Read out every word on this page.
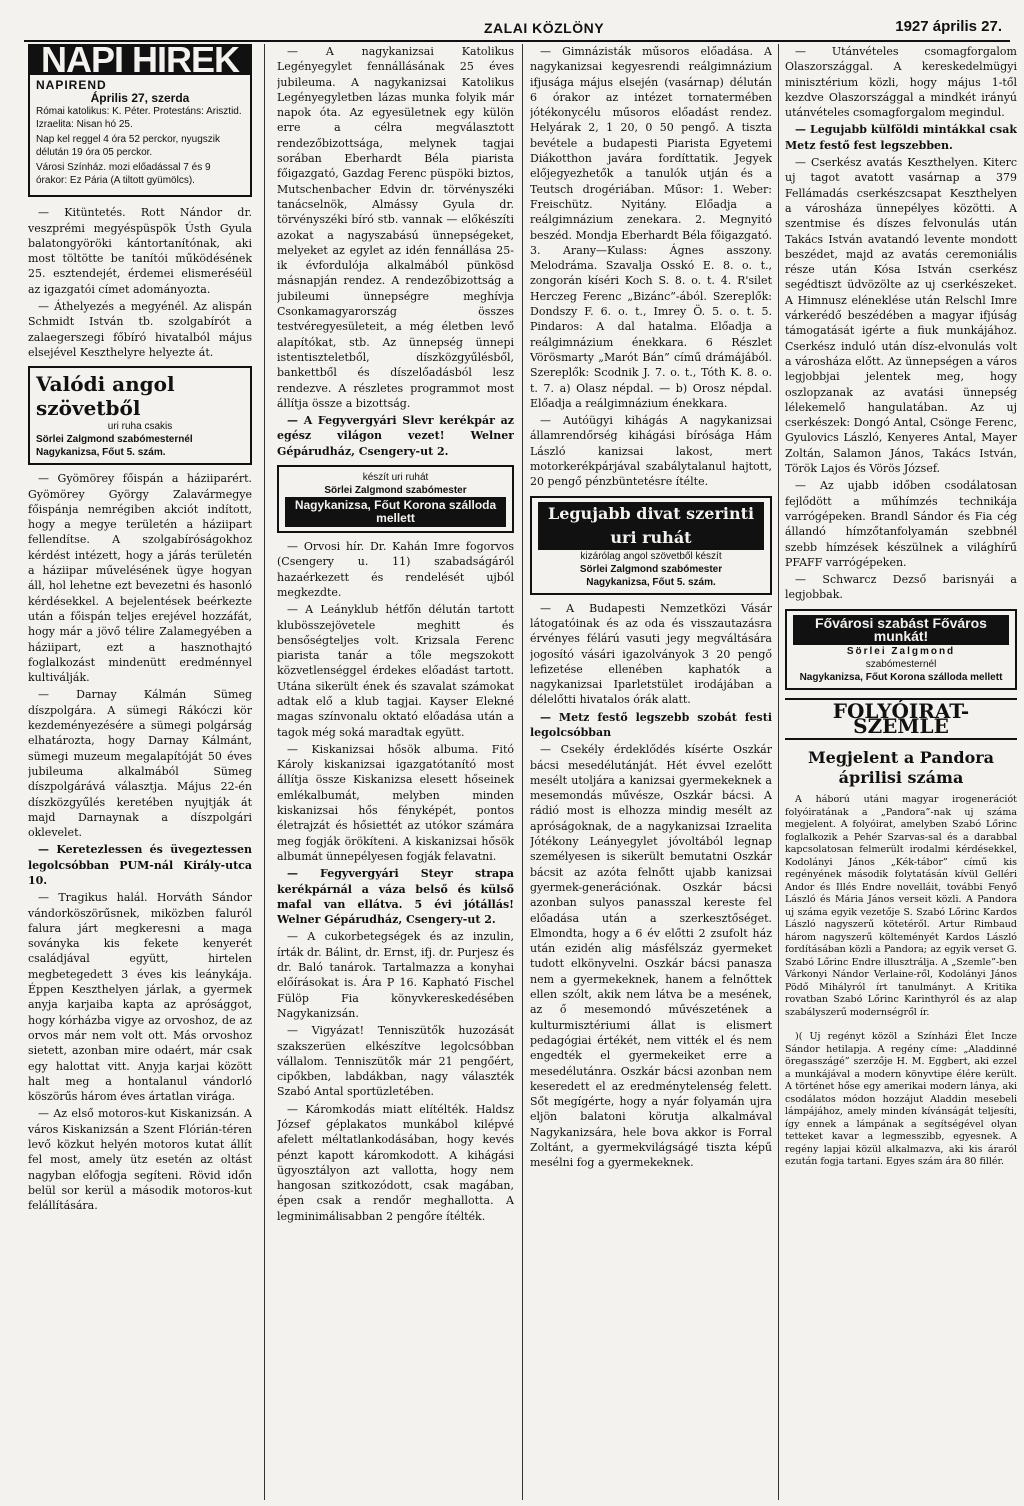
ZALAI KÖZLÖNY	1927 április 27.
NAPI HIREK
NAPIREND
Április 27, szerda

Római katolikus: K. Péter. Protestáns: Arisztid. Izraelita: Nisan hó 25.

Nap kel reggel 4 óra 52 perckor, nyugszik délután 19 óra 05 perckor.

Városi Színház. mozi előadással 7 és 9 órakor: Ez Pária (A tiltott gyümölcs).

— Kitüntetés. Rott Nándor dr. veszprémi megyéspüspök Ústh Gyula balatongyöröki kántortanítónak, aki most töltötte be tanítói működésének 25. esztendejét, érdemei elismeréséül az igazgatói címet adományozta.

— Áthelyezés a megyénél. Az alispán Schmidt István tb. szolgabírót a zalaegerszegi főbíró hivatalból május elsejével Keszthelyre helyezte át.

Valódi angol szövetből
uri ruha csakis
Sörlei Zalgmond szabómesternél
Nagykanizsa, Főut 5. szám.

— Gyömörey főispán a háziiparért. Gyömörey György Zalavármegye főispánja nemrégiben akciót indított, hogy a megye területén a háziipart fellendítse. A szolgabíróságokhoz kérdést intézett, hogy a járás területén a háziipar művelésének ügye hogyan áll, hol lehetne ezt bevezetni és hasonló kérdésekkel. A bejelentések beérkezte után a főispán teljes erejével hozzáfát, hogy már a jövő télire Zalamegyében a háziipart, ezt a hasznothajtó foglalkozást mindenütt eredménnyel kultiválják.

— Darnay Kálmán Sümeg díszpolgára. A sümegi Rákóczi kör kezdeményezésére a sümegi polgárság elhatározta, hogy Darnay Kálmánt, sümegi muzeum megalapítóját 50 éves jubileuma alkalmából Sümeg díszpolgárává választja. Május 22-én díszközgyűlés keretében nyujtják át majd Darnaynak a díszpolgári oklevelet.

— Keretezlessen és üvegeztessen legolcsóbban PUM-nál Király-utca 10.

— Tragikus halál. Horváth Sándor vándorköszörűsnek, miközben faluról falura járt megkeresni a maga soványka kis fekete kenyerét családjával együtt, hirtelen megbetegedett 3 éves kis leánykája. Éppen Keszthelyen járlak, a gyermek anyja karjaiba kapta az aprósággot, hogy kórházba vigye az orvoshoz, de az orvos már nem volt ott. Más orvoshoz sietett, azonban mire odaért, már csak egy halottat vitt. Anyja karjai között halt meg a hontalanul vándorló köszörűs három éves ártatlan virága.

— Az első motoros-kut Kiskanizsán. A város Kiskanizsán a Szent Flórián-téren levő közkut helyén motoros kutat állít fel most, amely ütz esetén az oltást nagyban előfogja segíteni. Rövid időn belül sor kerül a második motoros-kut felállítására.

— A nagykanizsai Katolikus Legényegylet fennállásának 25 éves jubileuma. A nagykanizsai Katolikus Legényegyletben lázas munka folyik már napok óta. Az egyesületnek egy külön erre a célra megválasztott rendezőbizottsága, melynek tagjai sorában Eberhardt Béla piarista főigazgató, Gazdag Ferenc püspöki biztos, Mutschenbacher Edvin dr. törvényszéki tanácselnök, Almássy Gyula dr. törvényszéki bíró stb. vannak — előkészíti azokat a nagyszabású ünnepségeket, melyeket az egylet az idén fennállása 25-ik évfordulója alkalmából pünkösd másnapján rendez. A rendezőbizottság a jubileumi ünnepségre meghívja Csonkamagyarország összes testvéregyesületeit, a még életben levő alapítókat, stb. Az ünnepség ünnepi istentiszteletből, díszközgyűlésből, bankettből és díszelőadásból lesz rendezve. A részletes programmot most állítja össze a bizottság.

— A Fegyvergyári Slevr kerékpár az egész világon vezet! Welner Gépárudház, Csengery-ut 2.

készít uri ruhát
Sörlei Zalgmond szabómester
Nagykanizsa, Főut Korona szálloda mellett

— Orvosi hír. Dr. Kahán Imre fogorvos (Csengery u. 11) szabadságáról hazaérkezett és rendelését ujból megkezdte.

— A Leányklub hétfőn délután tartott klubösszejövetele meghitt és bensőségteljes volt. Krizsala Ferenc piarista tanár a tőle megszokott közvetlenséggel érdekes előadást tartott. Utána sikerült ének és szavalat számokat adtak elő a klub tagjai. Kayser Elekné magas színvonalu oktató előadása után a tagok még soká maradtak együtt.

— Kiskanizsai hősök albuma. Fitó Károly kiskanizsai igazgatótanító most állítja össze Kiskanizsa elesett hőseinek emlékalbumát, melyben minden kiskanizsai hős fényképét, pontos életrajzát és hősiettét az utókor számára meg fogják örökíteni. A kiskanizsai hősök albumát ünnepélyesen fogják felavatni.

— Fegyvergyári Steyr strapa kerékpárnál a váza belső és külső mafal van ellátva. 5 évi jótállás! Welner Gépárudház, Csengery-ut 2.

— A cukorbetegségek és az inzulin, írták dr. Bálint, dr. Ernst, ifj. dr. Purjesz és dr. Baló tanárok. Tartalmazza a konyhai előírásokat is. Ára P 16. Kapható Fischel Fülöp Fia könyvkereskedésében Nagykanizsán.

— Vigyázat! Tenniszütők huzozását szakszerüen elkészítve legolcsóbban vállalom. Tenniszütők már 21 pengőért, cipőkben, labdákban, nagy választék Szabó Antal sportüzletében.

— Káromkodás miatt elítélték. Haldsz József géplakatos munkábol kilépvé afelett méltatlankodásában, hogy kevés pénzt kapott káromkodott. A kihágási ügyosztályon azt vallotta, hogy nem hangosan szitkozódott, csak magában, épen csak a rendőr meghallotta. A legminimálisabban 2 pengőre ítélték.

— Gimnázisták műsoros előadása. A nagykanizsai kegyesrendi reálgimnázium ifjusága május elsején (vasárnap) délután 6 órakor az intézet tornatermében jótékonycélu műsoros előadást rendez. Helyárak 2, 1 20, 0 50 pengő. A tiszta bevétele a budapesti Piarista Egyetemi Diákotthon javára fordíttatik. Jegyek előjegyezhetők a tanulók utján és a Teutsch drogériában. Műsor: 1. Weber: Freischütz. Nyitány. Előadja a reálgimnázium zenekara. 2. Megnyitó beszéd. Mondja Eberhardt Béla főigazgató. 3. Arany—Kulass: Ágnes asszony. Melodráma. Szavalja Osskó E. 8. o. t., zongorán kíséri Koch S. 8. o. t. 4. R'silet Herczeg Ferenc „Bizánc”-ából. Szereplők: Dondszy F. 6. o. t., Imrey Ö. 5. o. t. 5. Pindaros: A dal hatalma. Előadja a reálgimnázium énekkara. 6 Részlet Vörösmarty „Marót Bán” című drámájából. Szereplők: Scodnik J. 7. o. t., Tóth K. 8. o. t. 7. a) Olasz népdal. — b) Orosz népdal. Előadja a reálgimnázium énekkara.

— Autóügyi kihágás A nagykanizsai államrendőrség kihágási bírósága Hám László kanizsai lakost, mert motorkerékpárjával szabálytalanul hajtott, 20 pengő pénzbüntetésre ítélte.

Legujabb divat szerinti uri ruhát
kizárólag angol szövetből készít
Sörlei Zalgmond szabómester
Nagykanizsa, Főut 5. szám.

— A Budapesti Nemzetközi Vásár látogatóinak és az oda és visszautazásra érvényes félárú vasuti jegy megváltására jogosító vásári igazolványok 3 20 pengő lefizetése ellenében kaphatók a nagykanizsai Iparletstület irodájában a délelőtti hivatalos órák alatt.

— Metz festő legszebb szobát festi legolcsóbban

— Csekély érdeklődés kísérte Oszkár bácsi mesedélutánját. Hét évvel ezelőtt mesélt utoljára a kanizsai gyermekeknek a mesemondás művésze, Oszkár bácsi. A rádió most is elhozza mindig mesélt az apróságoknak, de a nagykanizsai Izraelita Jótékony Leányegylet jóvoltából legnap személyesen is sikerült bemutatni Oszkár bácsit az azóta felnőtt ujabb kanizsai gyermek-generációnak. Oszkár bácsi azonban sulyos panasszal kereste fel előadása után a szerkesztőséget. Elmondta, hogy a 6 év előtti 2 zsufolt ház után ezidén alig másfélszáz gyermeket tudott elkönyvelni. Oszkár bácsi panasza nem a gyermekeknek, hanem a felnőttek ellen szólt, akik nem látva be a mesének, az ő mesemondó művészetének a kulturmisztériumi állat is elismert pedagógiai értékét, nem vitték el és nem engedték el gyermekeiket erre a mesedélutánra. Oszkár bácsi azonban nem keseredett el az eredménytelenség felett. Sőt megígérte, hogy a nyár folyamán ujra eljön balatoni körutja alkalmával Nagykanizsára, hele bova akkor is Forral Zoltánt, a gyermekvilágságé tiszta képű mesélni fog a gyermekeknek.

— Utánvételes csomagforgalom Olaszországgal. A kereskedelmügyi minisztérium közli, hogy május 1-től kezdve Olaszországgal a mindkét irányú utánvételes csomagforgalom megindul.

— Legujabb külföldi mintákkal csak Metz festő fest legszebben.

— Cserkész avatás Keszthelyen. Kiterc uj tagot avatott vasárnap a 379 Fellámadás cserkészcsapat Keszthelyen a városháza ünnepélyes közötti. A szentmise és díszes felvonulás után Takács István avatandó levente mondott beszédet, majd az avatás ceremoniális része után Kósa István cserkész segédtiszt üdvözölte az uj cserkészeket. A Himnusz eléneklése után Relschl Imre várkerédő beszédében a magyar ifjúság támogatását igérte a fiuk munkájához. Cserkész induló után dísz-elvonulás volt a városháza előtt. Az ünnepségen a város legjobbjai jelentek meg, hogy oszlopzanak az avatási ünnepség lélekemelő hangulatában. Az uj cserkészek: Dongó Antal, Csönge Ferenc, Gyulovics László, Kenyeres Antal, Mayer Zoltán, Salamon János, Takács István, Török Lajos és Vörös József.

— Az ujabb időben csodálatosan fejlődött a műhímzés technikája varrógépeken. Brandl Sándor és Fia cég állandó hímzőtanfolyamán szebbnél szebb hímzések készülnek a világhírű PFAFF varrógépeken.

— Schwarcz Dezső barisnyái a legjobbak.

Fővárosi szabást Főváros munkát!
Sörlei Zalgmond
szabómesternél
Nagykanizsa, Főut Korona szálloda mellett
FOLYÓIRAT-SZEMLE
Megjelent a Pandora áprilisi száma

A háború utáni magyar irogenerációt folyóiratának a „Pandora”-nak uj száma megjelent. A folyóirat, amelyben Szabó Lőrinc foglalkozik a Pehér Szarvas-sal és a darabbal kapcsolatosan felmerült irodalmi kérdésekkel, Kodolányi János „Kék-tábor” című kis regényének második folytatásán kívül Gelléri Andor és Illés Endre novelláit, további Fenyő László és Mária János verseit közli. A Pandora uj száma egyik vezetője S. Szabó Lőrinc Kardos László nagyszerű kötetéről. Artur Rimbaud három nagyszerű költeményét Kardos László fordításában közli a Pandora; az egyik verset G. Szabó Lőrinc Endre illusztrálja. A „Szemle”-ben Várkonyi Nándor Verlaine-ről, Kodolányi János Pödő Mihályról írt tanulmányt. A Kritika rovatban Szabó Lőrinc Karinthyról és az alap szabályszerű modernségről ír.

)( Uj regényt közöl a Színházi Élet Incze Sándor hetilapja. A regény címe: „Aladdinné öregasszágé” szerzője H. M. Eggbert, aki ezzel a munkájával a modern könyvtipe élére került. A történet hőse egy amerikai modern lánya, aki csodálatos módon hozzájut Aladdin mesebeli lámpájához, amely minden kívánságát teljesíti, így ennek a lámpának a segítségével olyan tetteket kavar a legmesszibb, egyesnek. A regény lapjai közül alkalmazva, aki kis áraról ezután fogja tartani. Egyes szám ára 80 fillér.
